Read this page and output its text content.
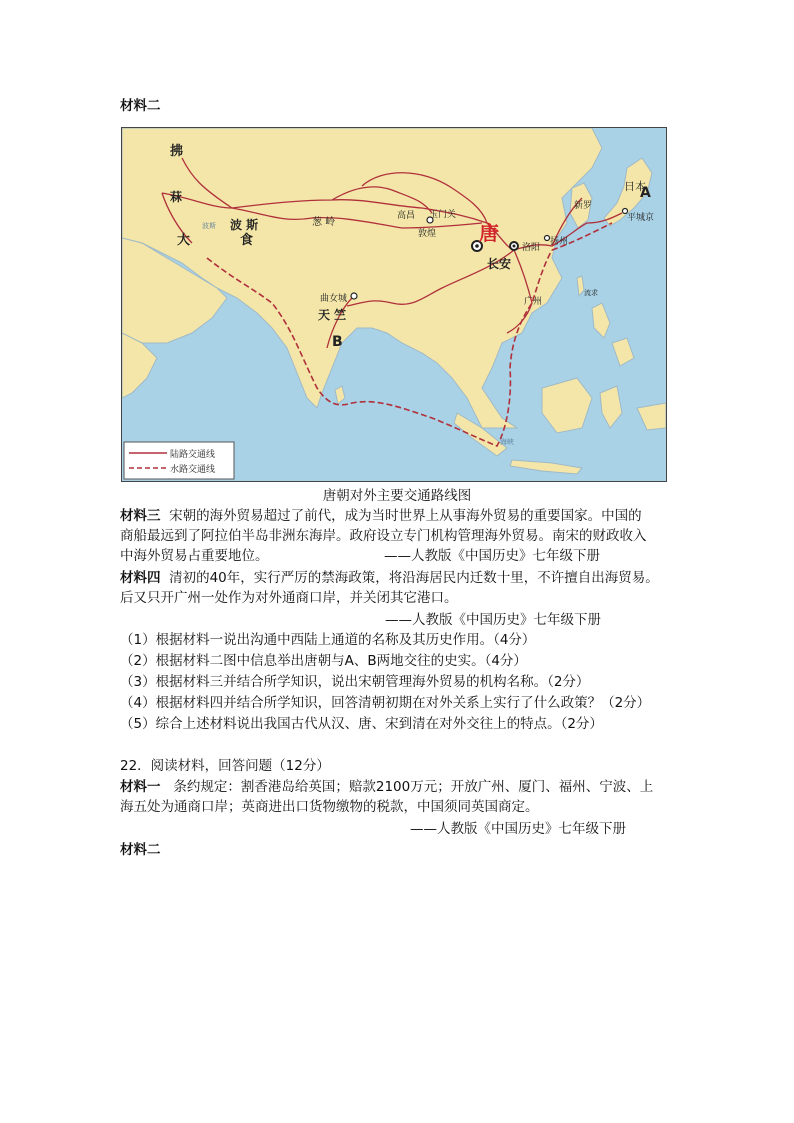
材料二
拂
菻
大
波 斯
食
葱 岭
高昌 玉门关
敦煌 唐
长安
洛阳
扬州
广州
新罗
日本
A
平城京
曲女城
天 竺
B
流求
波斯
海峡
陆路交通线
水路交通线
唐朝对外主要交通路线图
材料三 宋朝的海外贸易超过了前代，成为当时世界上从事海外贸易的重要国家。中国的
商船最远到了阿拉伯半岛非洲东海岸。政府设立专门机构管理海外贸易。南宋的财政收入
中海外贸易占重要地位。	——人教版《中国历史》七年级下册
材料四 清初的40年，实行严厉的禁海政策，将沿海居民内迁数十里，不许擅自出海贸易。
后又只开广州一处作为对外通商口岸，并关闭其它港口。
——人教版《中国历史》七年级下册
（1）根据材料一说出沟通中西陆上通道的名称及其历史作用。（4分）
（2）根据材料二图中信息举出唐朝与A、B两地交往的史实。（4分）
（3）根据材料三并结合所学知识，说出宋朝管理海外贸易的机构名称。（2分）
（4）根据材料四并结合所学知识，回答清朝初期在对外关系上实行了什么政策？（2分）
（5）综合上述材料说出我国古代从汉、唐、宋到清在对外交往上的特点。（2分）
22．阅读材料，回答问题（12分）
材料一 条约规定：割香港岛给英国；赔款2100万元；开放广州、厦门、福州、宁波、上
海五处为通商口岸；英商进出口货物缴物的税款，中国须同英国商定。
——人教版《中国历史》七年级下册
材料二
